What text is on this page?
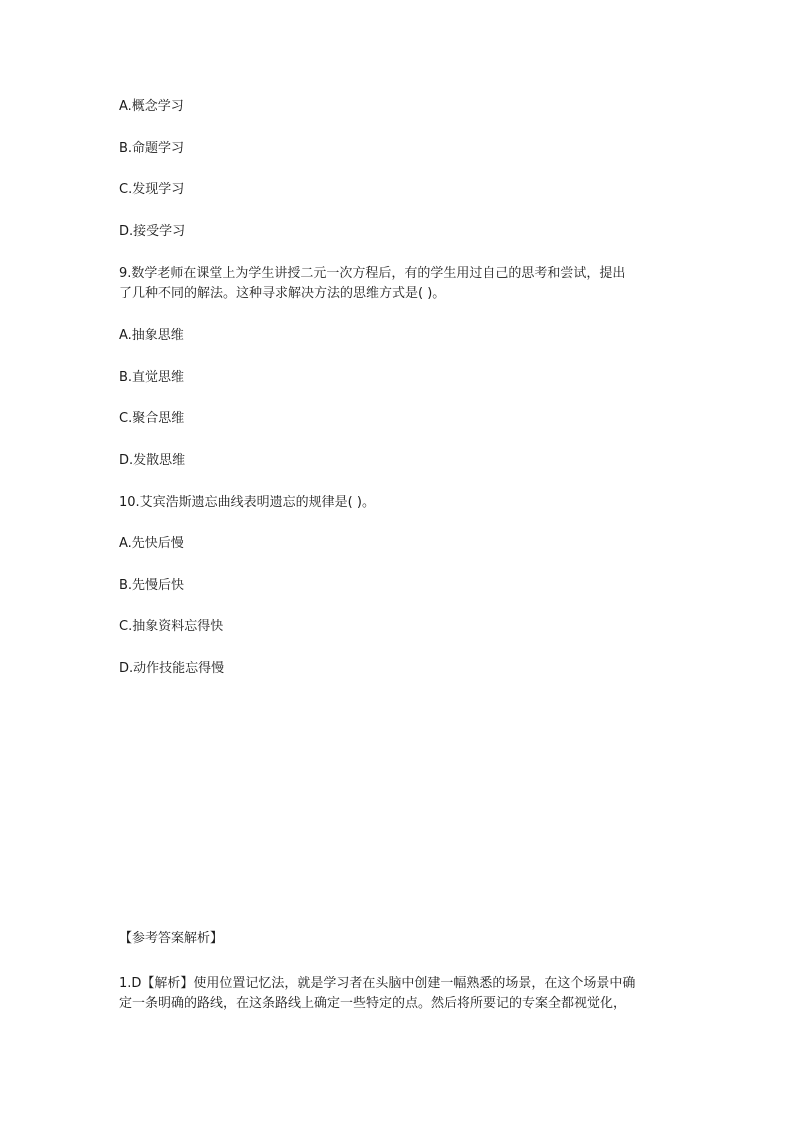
A.概念学习
B.命题学习
C.发现学习
D.接受学习
9.数学老师在课堂上为学生讲授二元一次方程后，有的学生用过自己的思考和尝试，提出
了几种不同的解法。这种寻求解决方法的思维方式是( )。
A.抽象思维
B.直觉思维
C.聚合思维
D.发散思维
10.艾宾浩斯遗忘曲线表明遗忘的规律是( )。
A.先快后慢
B.先慢后快
C.抽象资料忘得快
D.动作技能忘得慢
【参考答案解析】
1.D【解析】使用位置记忆法，就是学习者在头脑中创建一幅熟悉的场景，在这个场景中确
定一条明确的路线，在这条路线上确定一些特定的点。然后将所要记的专案全都视觉化，
